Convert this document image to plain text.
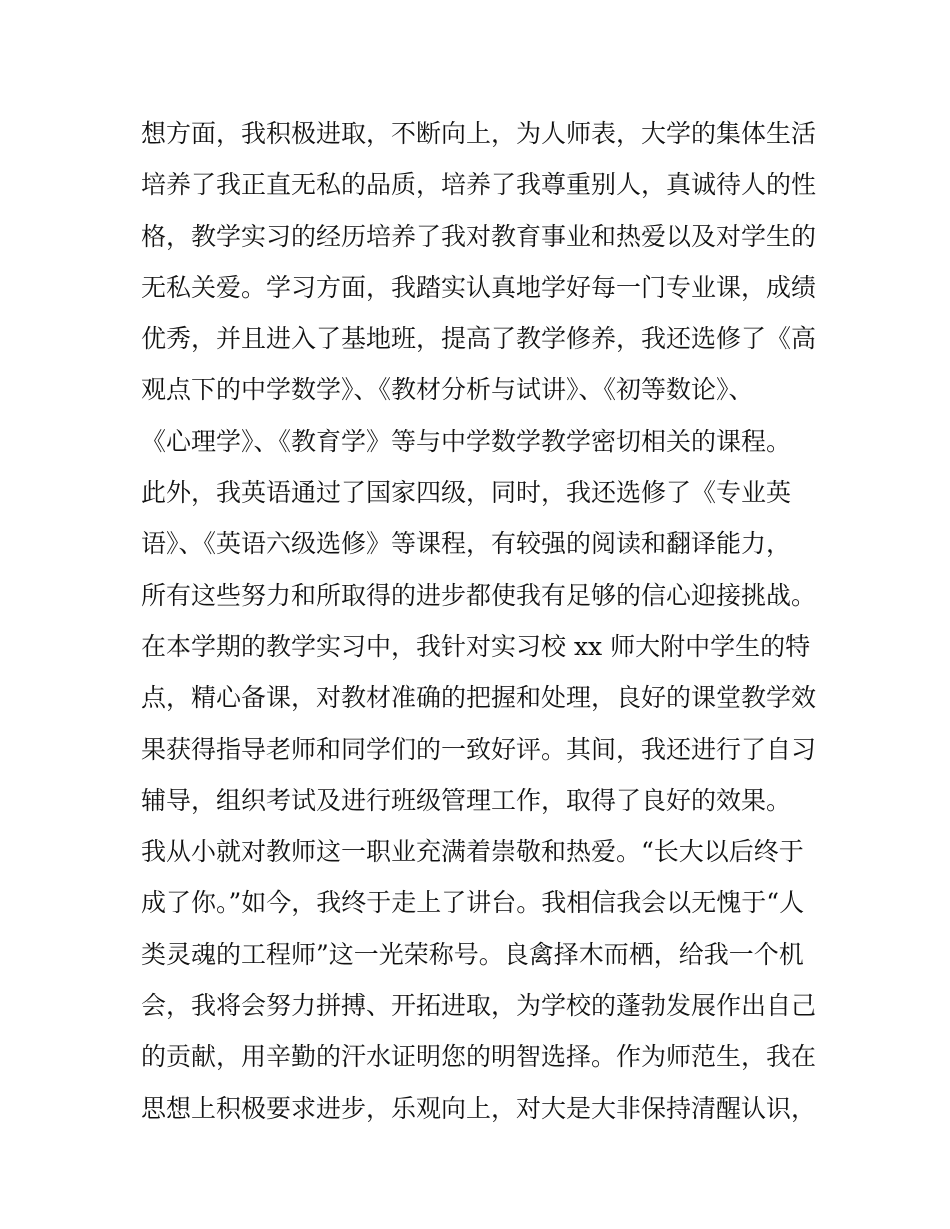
想方面，我积极进取，不断向上，为人师表，大学的集体生活
培养了我正直无私的品质，培养了我尊重别人，真诚待人的性
格，教学实习的经历培养了我对教育事业和热爱以及对学生的
无私关爱。学习方面，我踏实认真地学好每一门专业课，成绩
优秀，并且进入了基地班，提高了教学修养，我还选修了《高
观点下的中学数学》、《教材分析与试讲》、《初等数论》、
《心理学》、《教育学》等与中学数学教学密切相关的课程。
此外，我英语通过了国家四级，同时，我还选修了《专业英
语》、《英语六级选修》等课程，有较强的阅读和翻译能力，
所有这些努力和所取得的进步都使我有足够的信心迎接挑战。
在本学期的教学实习中，我针对实习校 xx 师大附中学生的特
点，精心备课，对教材准确的把握和处理，良好的课堂教学效
果获得指导老师和同学们的一致好评。其间，我还进行了自习
辅导，组织考试及进行班级管理工作，取得了良好的效果。
我从小就对教师这一职业充满着崇敬和热爱。“长大以后终于
成了你。”如今，我终于走上了讲台。我相信我会以无愧于“人
类灵魂的工程师”这一光荣称号。良禽择木而栖，给我一个机
会，我将会努力拼搏、开拓进取，为学校的蓬勃发展作出自己
的贡献，用辛勤的汗水证明您的明智选择。作为师范生，我在
思想上积极要求进步，乐观向上，对大是大非保持清醒认识，
